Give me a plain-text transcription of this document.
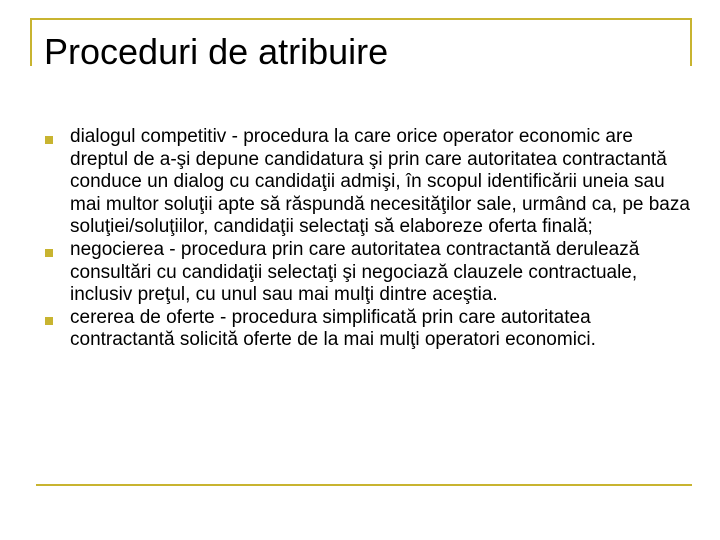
Proceduri de atribuire
dialogul competitiv - procedura la care orice operator economic are dreptul de a-şi depune candidatura şi prin care autoritatea contractantă conduce un dialog cu candidaţii admişi, în scopul identificării uneia sau mai multor soluţii apte să răspundă necesităţilor sale, urmând ca, pe baza soluţiei/soluţiilor, candidaţii selectaţi să elaboreze oferta finală;
negocierea - procedura prin care autoritatea contractantă derulează consultări cu candidaţii selectaţi şi negociază clauzele contractuale, inclusiv preţul, cu unul sau mai mulţi dintre aceştia.
cererea de oferte - procedura simplificată prin care autoritatea contractantă solicită oferte de la mai mulţi operatori economici.
